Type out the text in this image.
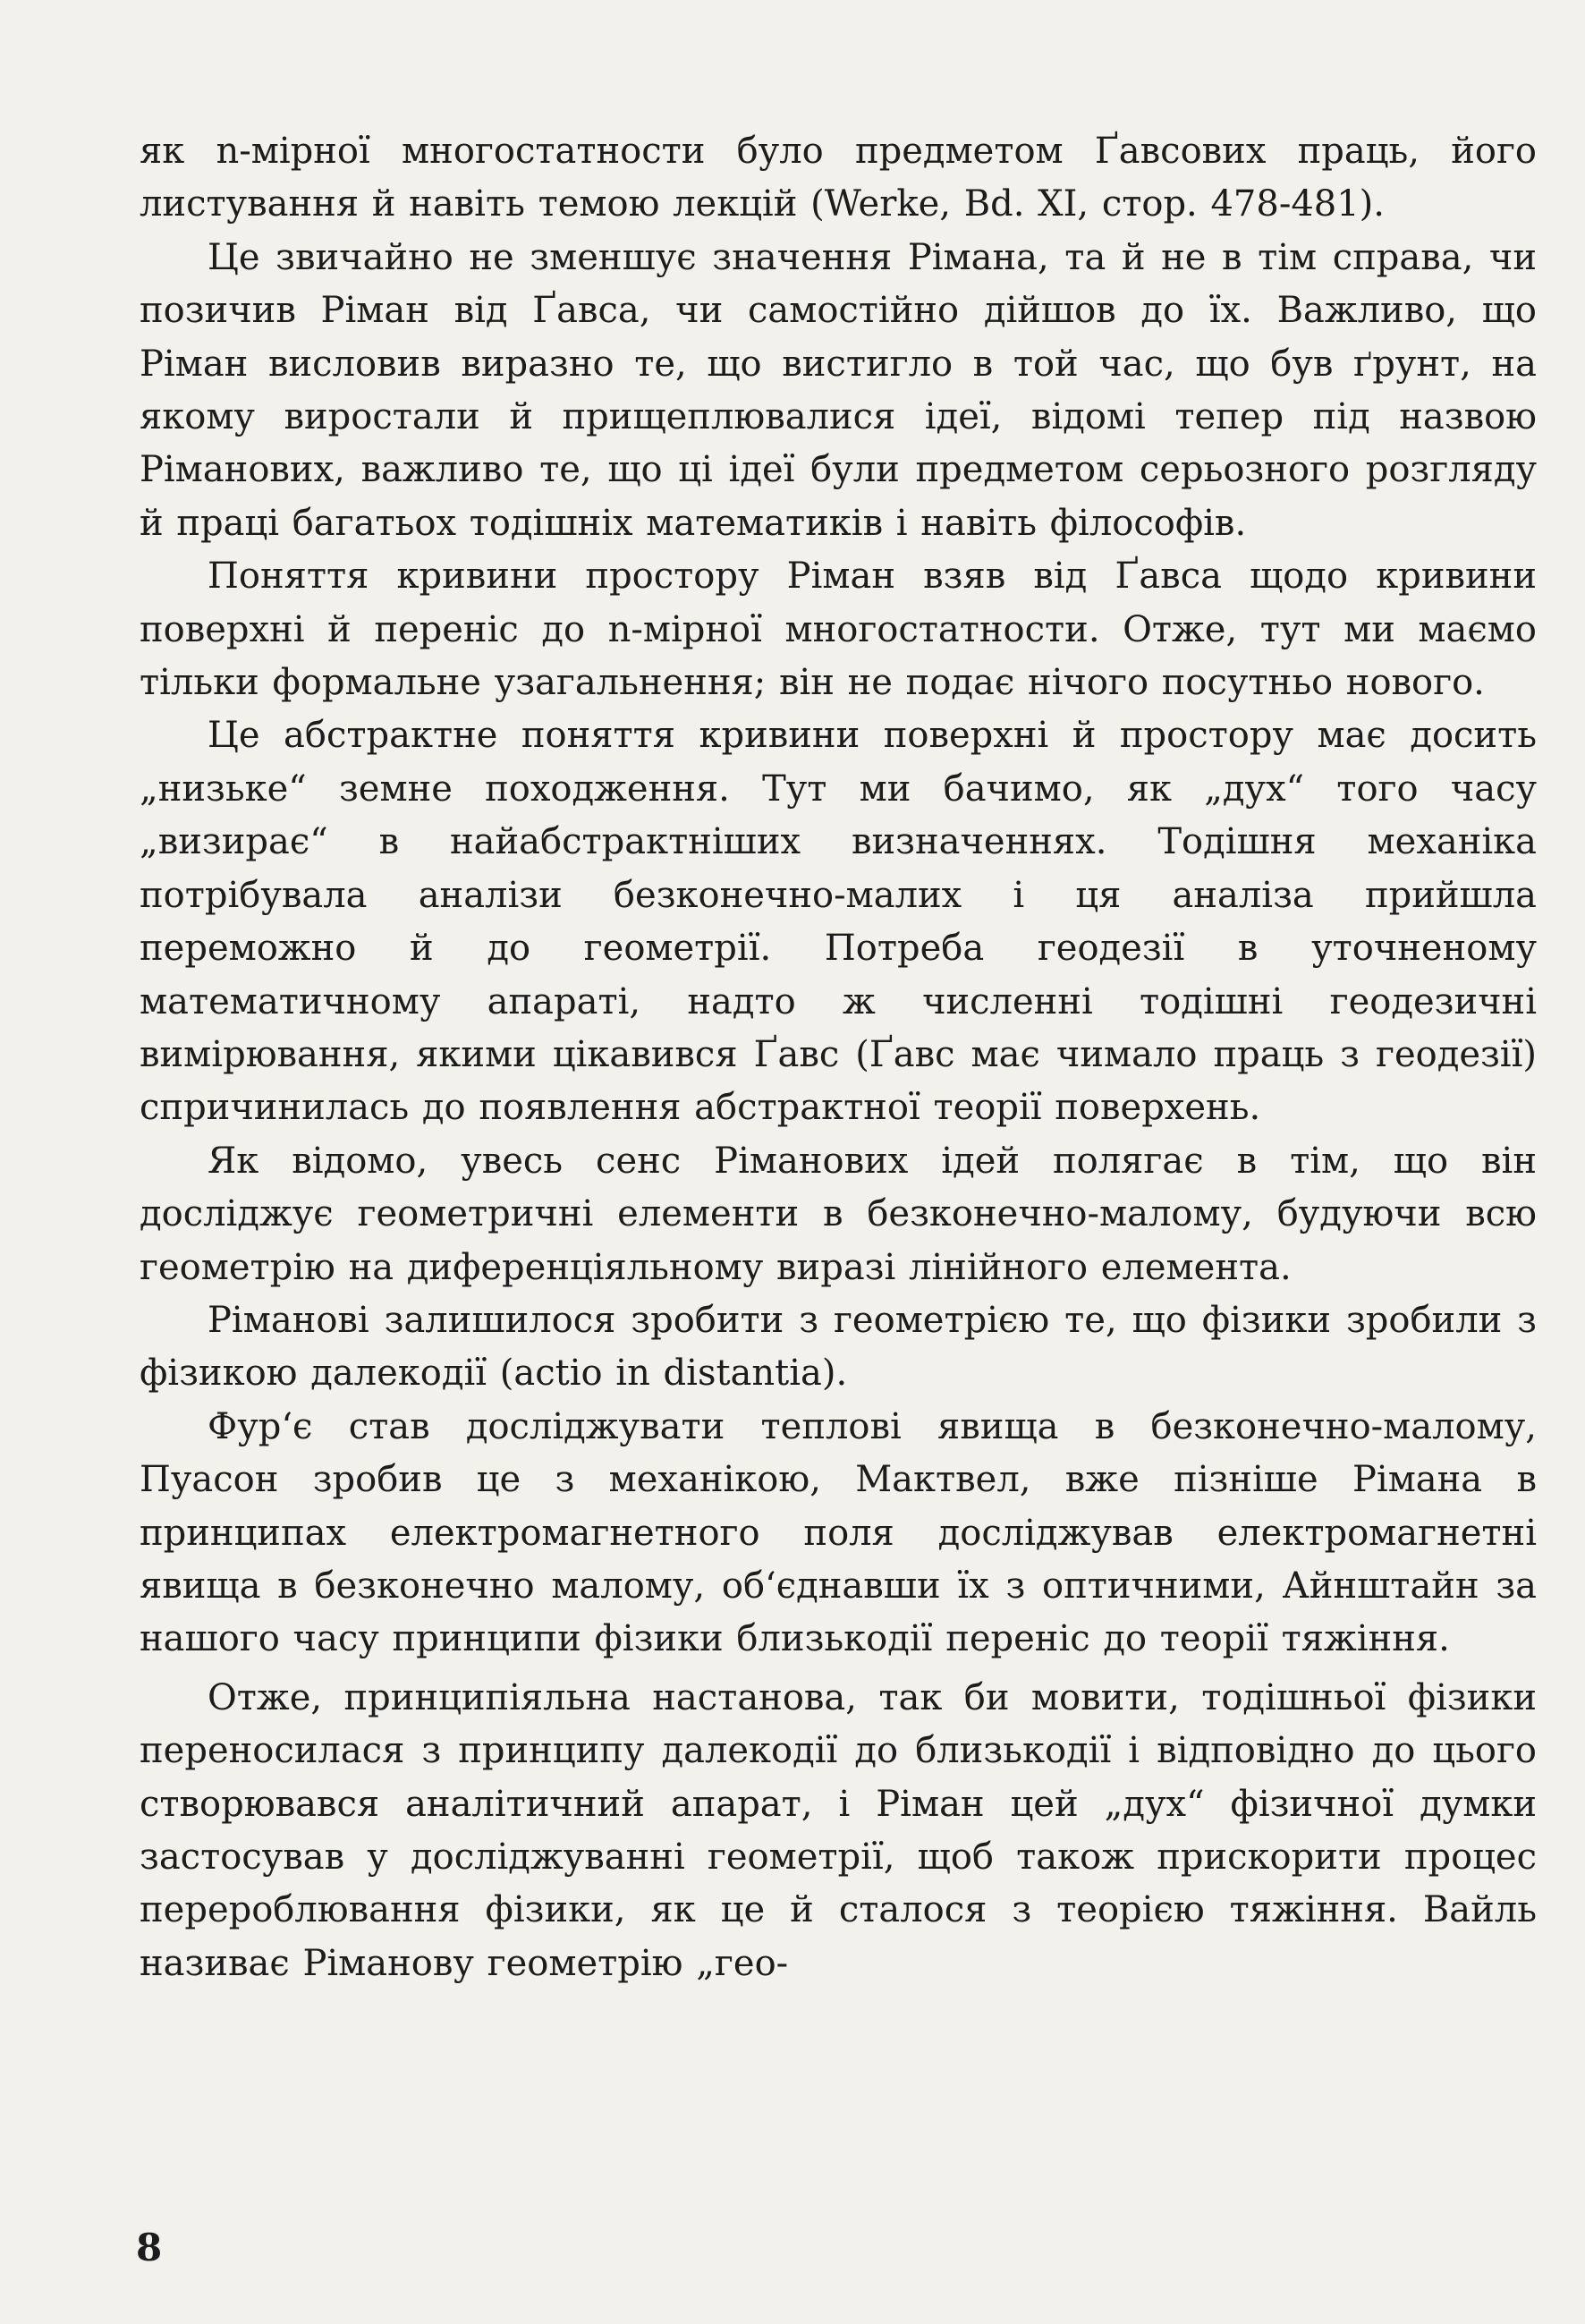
як n-мірної многостатности було предметом Ґавсових праць, його листування й навіть темою лекцій (Werke, Bd. XI, стор. 478-481).

Це звичайно не зменшує значення Рімана, та й не в тім справа, чи позичив Ріман від Ґавса, чи самостійно дійшов до їх. Важливо, що Ріман висловив виразно те, що вистигло в той час, що був ґрунт, на якому виростали й прищеплювалися ідеї, відомі тепер під назвою Ріманових, важливо те, що ці ідеї були предметом серьозного розгляду й праці багатьох тодішніх математиків і навіть філософів.

Поняття кривини простору Ріман взяв від Ґавса щодо кривини поверхні й переніс до n-мірної многостатности. Отже, тут ми маємо тільки формальне узагальнення; він не подає нічого посутньо нового.

Це абстрактне поняття кривини поверхні й простору має досить „низьке“ земне походження. Тут ми бачимо, як „дух“ того часу „визирає“ в найабстрактніших визначеннях. Тодішня механіка потрібувала аналізи безконечно-малих і ця аналіза прийшла переможно й до геометрії. Потреба геодезії в уточненому математичному апараті, надто ж численні тодішні геодезичні вимірювання, якими цікавився Ґавс (Ґавс має чимало праць з геодезії) спричинилась до появлення абстрактної теорії поверхень.

Як відомо, увесь сенс Ріманових ідей полягає в тім, що він досліджує геометричні елементи в безконечно-малому, будуючи всю геометрію на диференціяльному виразі лінійного елемента.

Ріманові залишилося зробити з геометрією те, що фізики зробили з фізикою далекодії (actio in distantia).

Фур‘є став досліджувати теплові явища в безконечно-малому, Пуасон зробив це з механікою, Мактвел, вже пізніше Рімана в принципах електромагнетного поля досліджував електромагнетні явища в безконечно малому, об‘єднавши їх з оптичними, Айнштайн за нашого часу принципи фізики близькодії переніс до теорії тяжіння.

Отже, принципіяльна настанова, так би мовити, тодішньої фізики переносилася з принципу далекодії до близькодії і відповідно до цього створювався аналітичний апарат, і Ріман цей „дух“ фізичної думки застосував у досліджуванні геометрії, щоб також прискорити процес перероблювання фізики, як це й сталося з теорією тяжіння. Вайль називає Ріманову геометрію „гео-

8
